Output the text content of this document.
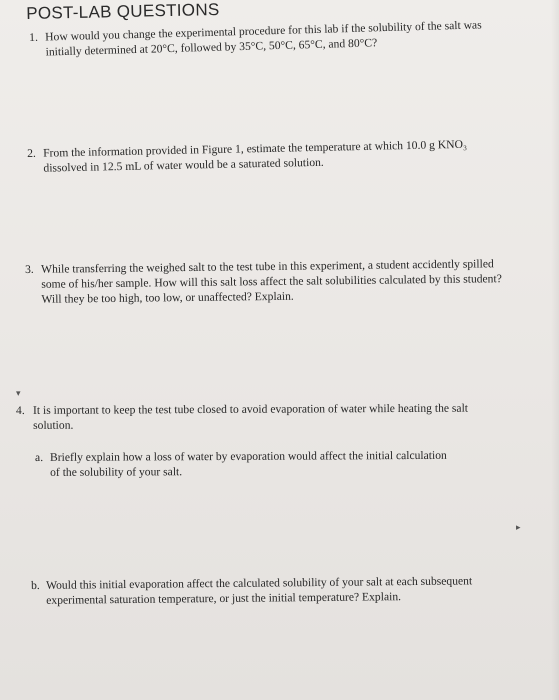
POST-LAB QUESTIONS

1. How would you change the experimental procedure for this lab if the solubility of the salt was initially determined at 20°C, followed by 35°C, 50°C, 65°C, and 80°C?

2. From the information provided in Figure 1, estimate the temperature at which 10.0 g KNO₃ dissolved in 12.5 mL of water would be a saturated solution.

3. While transferring the weighed salt to the test tube in this experiment, a student accidently spilled some of his/her sample. How will this salt loss affect the salt solubilities calculated by this student? Will they be too high, too low, or unaffected? Explain.

▾

4. It is important to keep the test tube closed to avoid evaporation of water while heating the salt solution.

a. Briefly explain how a loss of water by evaporation would affect the initial calculation of the solubility of your salt.

▸

b. Would this initial evaporation affect the calculated solubility of your salt at each subsequent experimental saturation temperature, or just the initial temperature? Explain.
